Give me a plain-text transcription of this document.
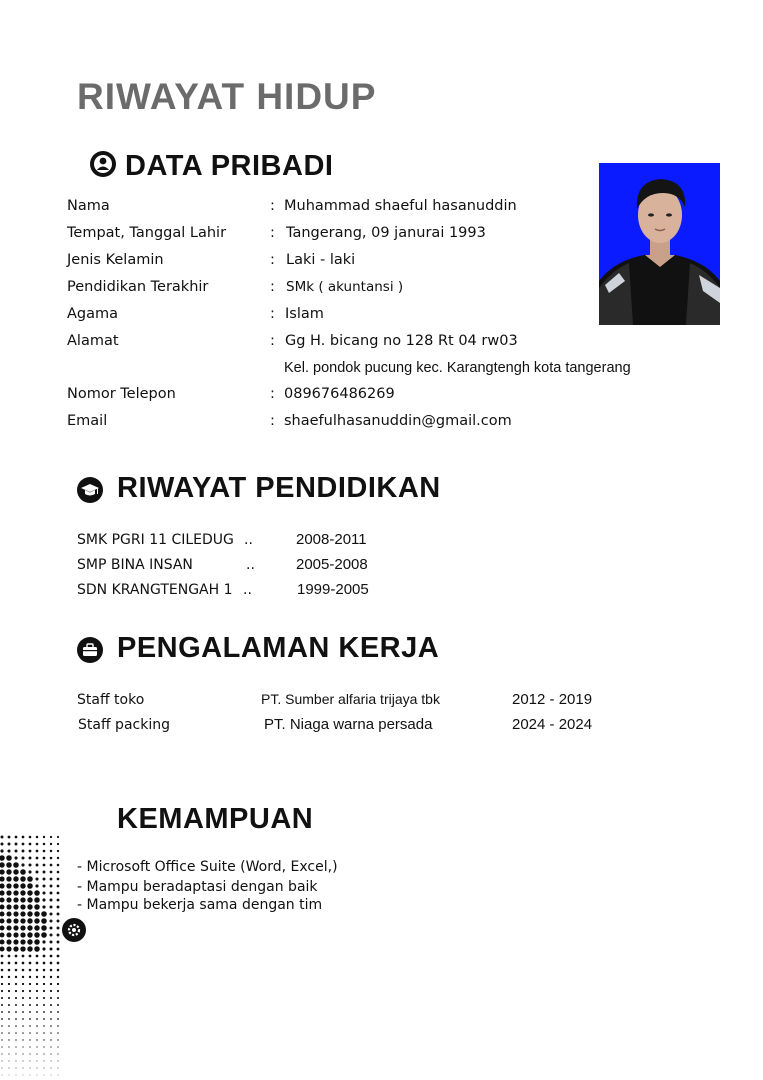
RIWAYAT HIDUP
DATA PRIBADI
Nama	: Muhammad shaeful hasanuddin
Tempat, Tanggal Lahir	: Tangerang, 09 janurai 1993
Jenis Kelamin	: Laki - laki
Pendidikan Terakhir	: SMk ( akuntansi )
Agama	: Islam
Alamat	: Gg H. bicang no 128 Rt 04 rw03
Kel. pondok pucung kec. Karangtengh kota tangerang
Nomor Telepon	: 089676486269
Email	: shaefulhasanuddin@gmail.com
RIWAYAT PENDIDIKAN
SMK PGRI 11 CILEDUG ..	2008-2011
SMP BINA INSAN	..	2005-2008
SDN KRANGTENGAH 1 ..	1999-2005
PENGALAMAN KERJA
Staff toko	PT. Sumber alfaria trijaya tbk	2012 - 2019
Staff packing	PT. Niaga warna persada	2024 - 2024
KEMAMPUAN
- Microsoft Office Suite (Word, Excel,)
- Mampu beradaptasi dengan baik
- Mampu bekerja sama dengan tim
